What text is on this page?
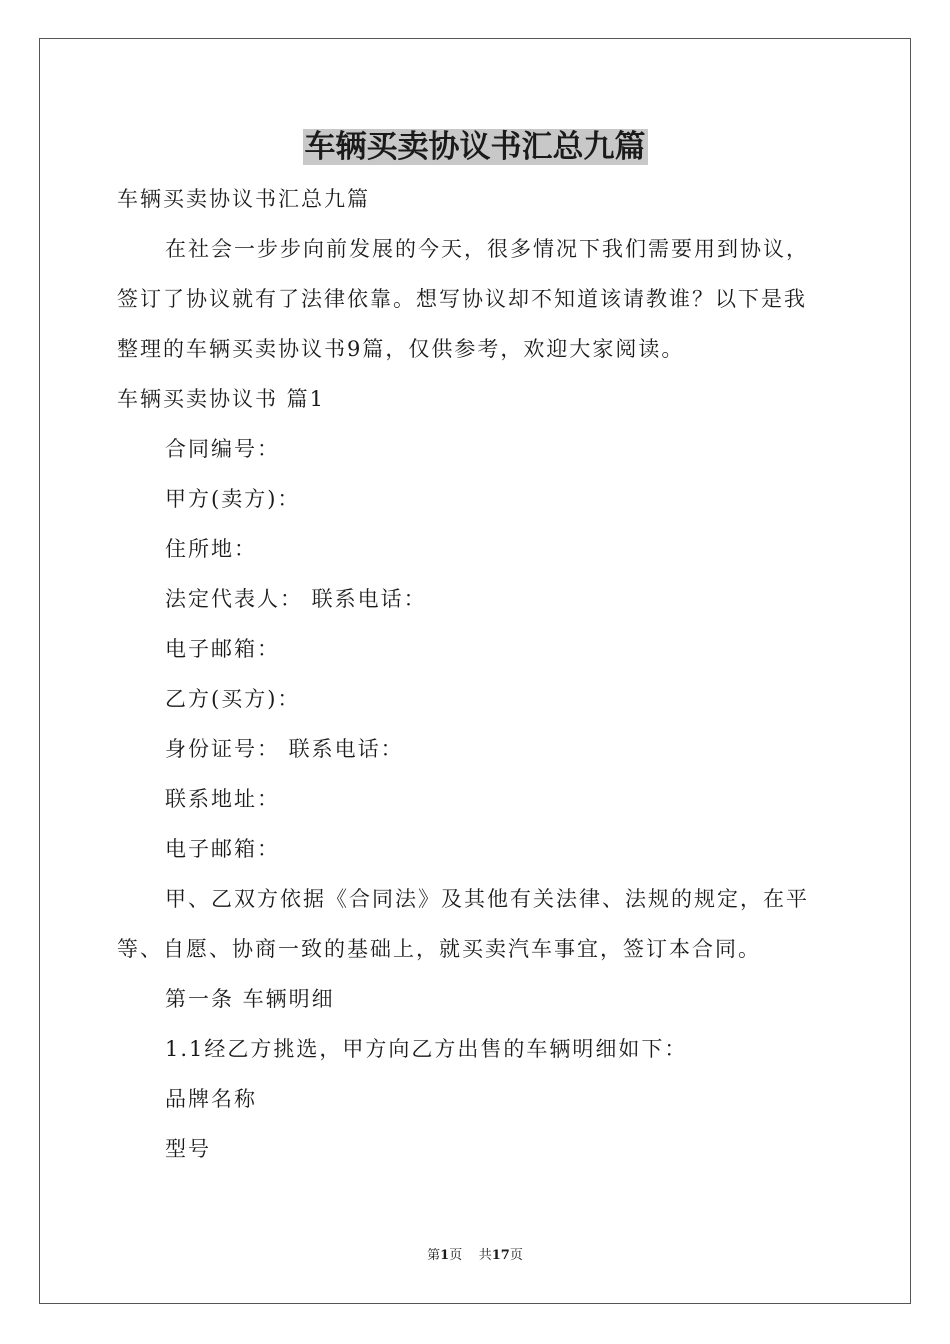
车辆买卖协议书汇总九篇
车辆买卖协议书汇总九篇
在社会一步步向前发展的今天，很多情况下我们需要用到协议，
签订了协议就有了法律依靠。想写协议却不知道该请教谁？以下是我
整理的车辆买卖协议书9篇，仅供参考，欢迎大家阅读。
车辆买卖协议书 篇1
合同编号：
甲方(卖方)：
住所地：
法定代表人： 联系电话：
电子邮箱：
乙方(买方)：
身份证号： 联系电话：
联系地址：
电子邮箱：
甲、乙双方依据《合同法》及其他有关法律、法规的规定，在平
等、自愿、协商一致的基础上，就买卖汽车事宜，签订本合同。
第一条 车辆明细
1.1经乙方挑选，甲方向乙方出售的车辆明细如下：
品牌名称
型号
第1页 共17页
